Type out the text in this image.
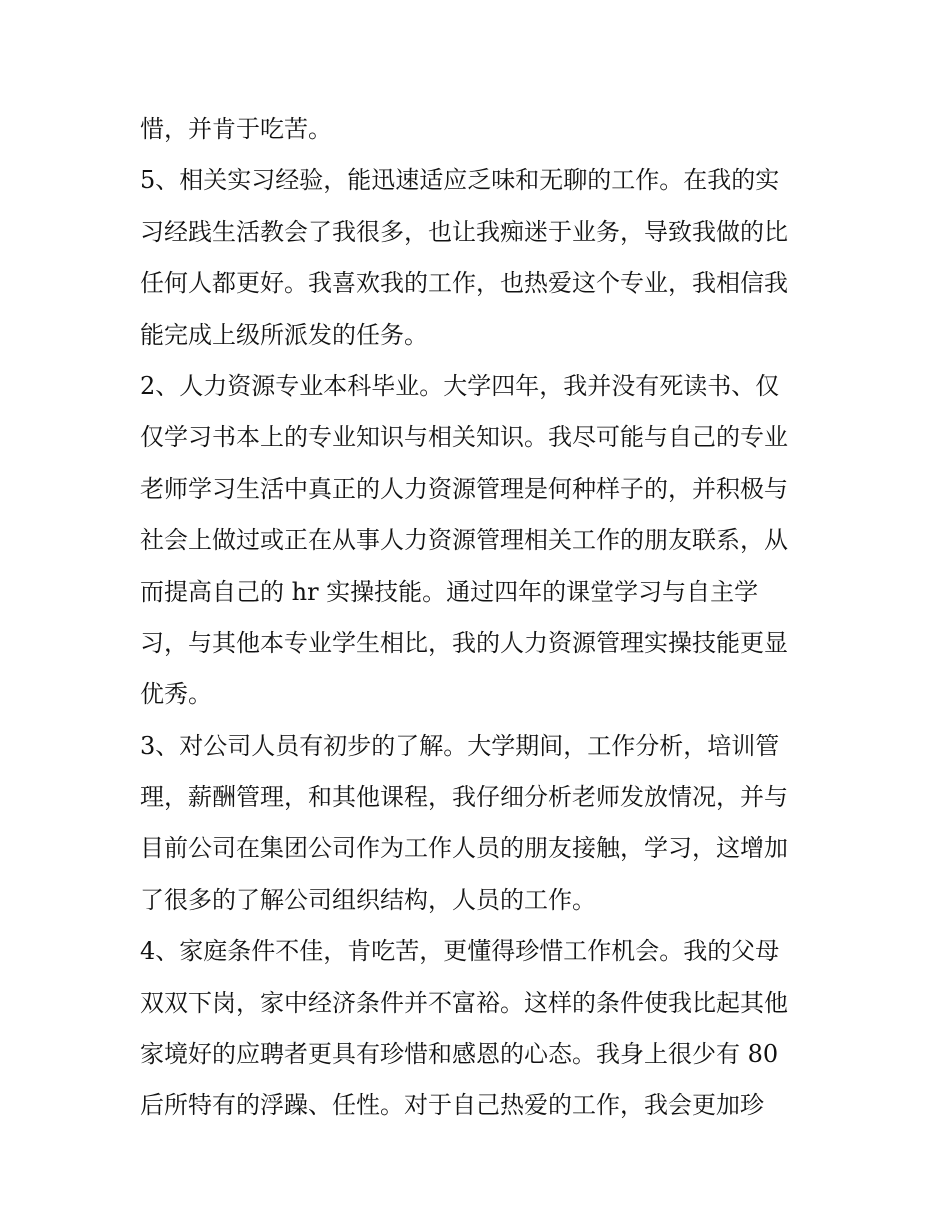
惜，并肯于吃苦。
5、相关实习经验，能迅速适应乏味和无聊的工作。在我的实
习经践生活教会了我很多，也让我痴迷于业务，导致我做的比
任何人都更好。我喜欢我的工作，也热爱这个专业，我相信我
能完成上级所派发的任务。
2、人力资源专业本科毕业。大学四年，我并没有死读书、仅
仅学习书本上的专业知识与相关知识。我尽可能与自己的专业
老师学习生活中真正的人力资源管理是何种样子的，并积极与
社会上做过或正在从事人力资源管理相关工作的朋友联系，从
而提高自己的 hr 实操技能。通过四年的课堂学习与自主学
习，与其他本专业学生相比，我的人力资源管理实操技能更显
优秀。
3、对公司人员有初步的了解。大学期间，工作分析，培训管
理，薪酬管理，和其他课程，我仔细分析老师发放情况，并与
目前公司在集团公司作为工作人员的朋友接触，学习，这增加
了很多的了解公司组织结构，人员的工作。
4、家庭条件不佳，肯吃苦，更懂得珍惜工作机会。我的父母
双双下岗，家中经济条件并不富裕。这样的条件使我比起其他
家境好的应聘者更具有珍惜和感恩的心态。我身上很少有 80
后所特有的浮躁、任性。对于自己热爱的工作，我会更加珍
